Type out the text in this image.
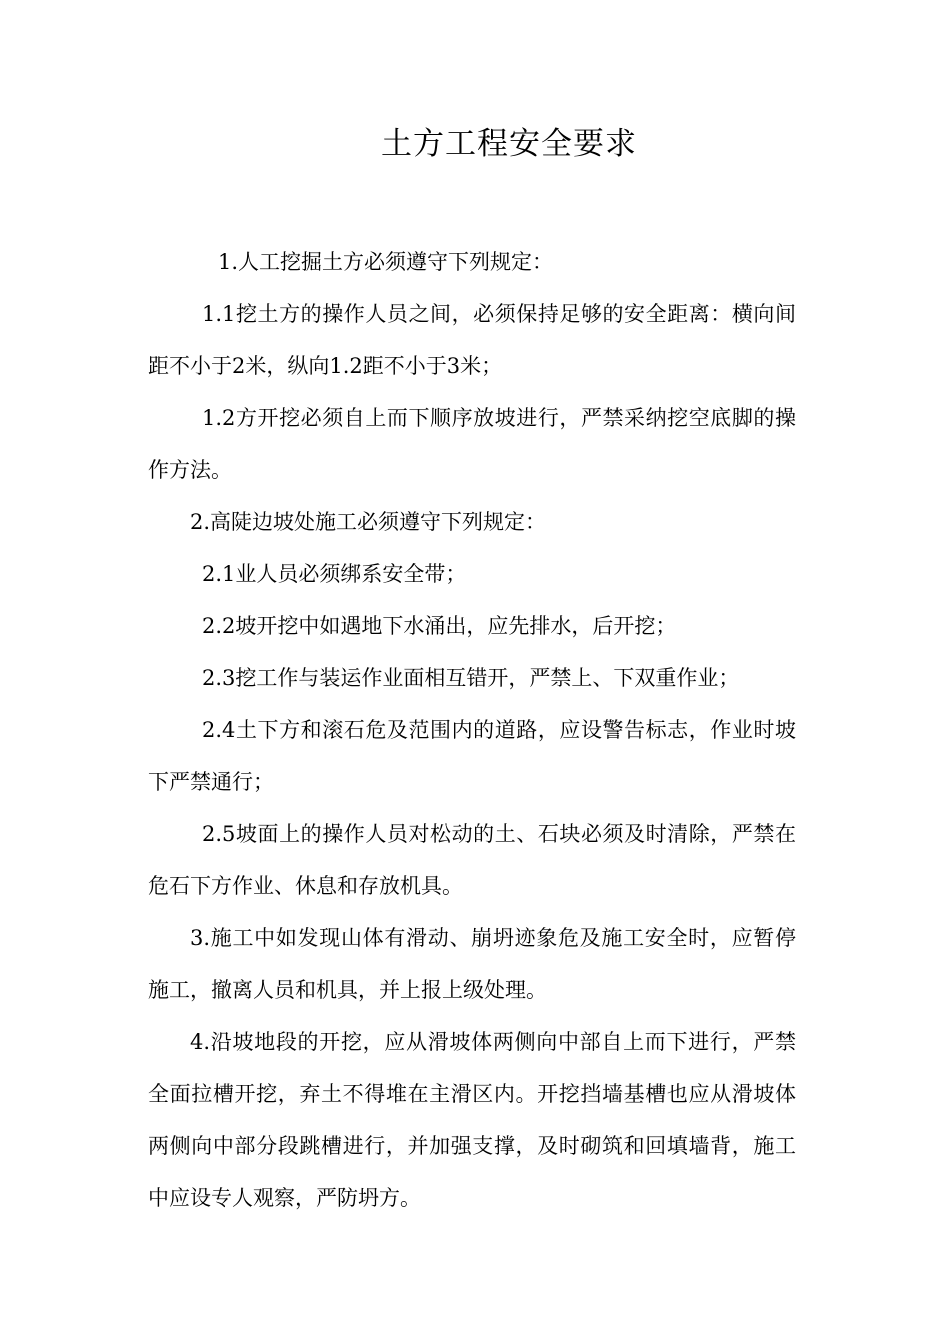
土方工程安全要求

1.人工挖掘土方必须遵守下列规定：

1.1挖土方的操作人员之间，必须保持足够的安全距离：横向间距不小于2米，纵向1.2距不小于3米；

1.2方开挖必须自上而下顺序放坡进行，严禁采纳挖空底脚的操作方法。

2.高陡边坡处施工必须遵守下列规定：

2.1业人员必须绑系安全带；

2.2坡开挖中如遇地下水涌出，应先排水，后开挖；

2.3挖工作与装运作业面相互错开，严禁上、下双重作业；

2.4土下方和滚石危及范围内的道路，应设警告标志，作业时坡下严禁通行；

2.5坡面上的操作人员对松动的土、石块必须及时清除，严禁在危石下方作业、休息和存放机具。

3.施工中如发现山体有滑动、崩坍迹象危及施工安全时，应暂停施工，撤离人员和机具，并上报上级处理。

4.沿坡地段的开挖，应从滑坡体两侧向中部自上而下进行，严禁全面拉槽开挖，弃土不得堆在主滑区内。开挖挡墙基槽也应从滑坡体两侧向中部分段跳槽进行，并加强支撑，及时砌筑和回填墙背，施工中应设专人观察，严防坍方。
